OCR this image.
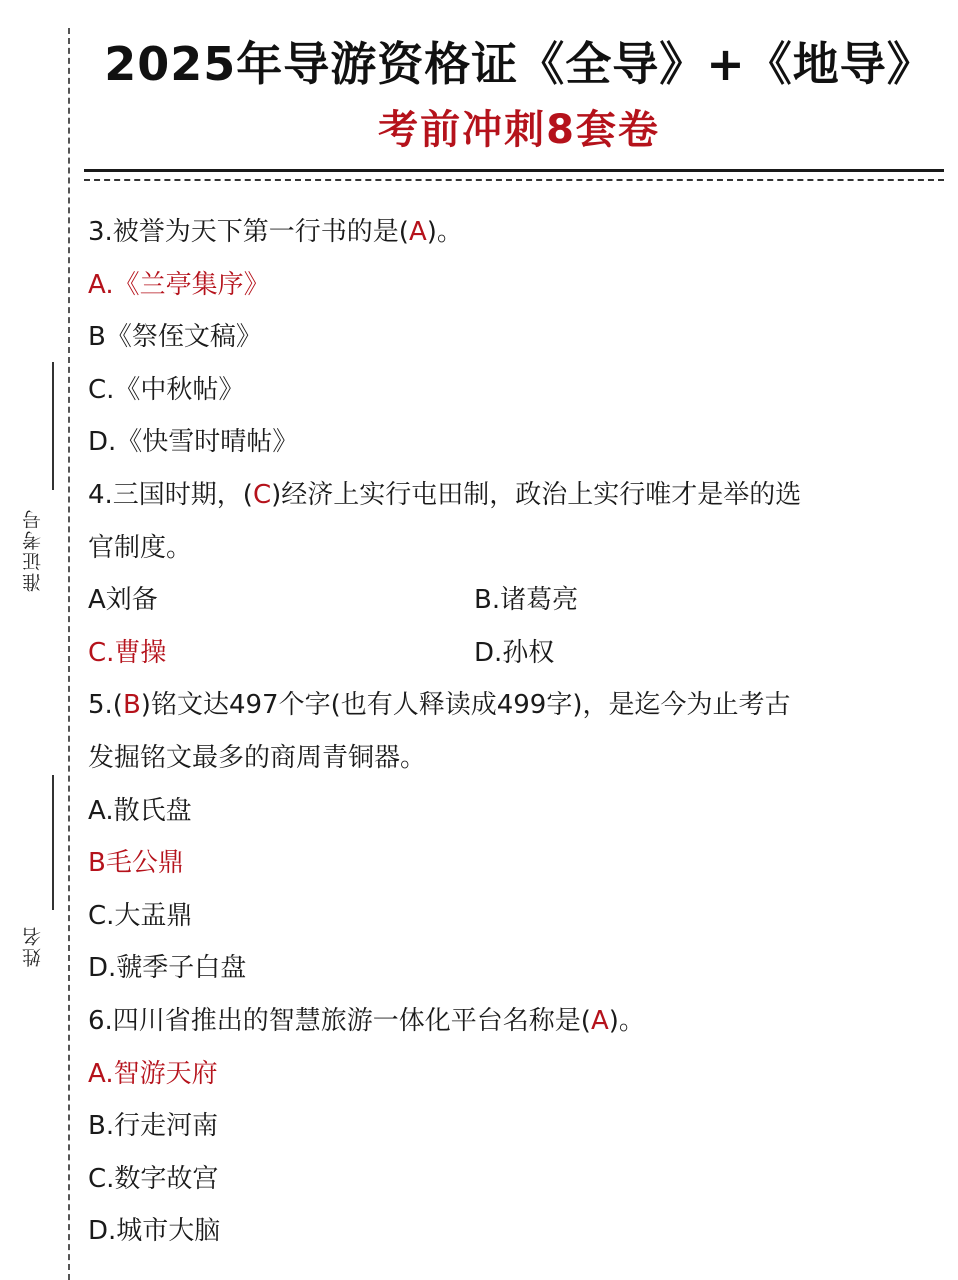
准证考号
姓名
2025年导游资格证《全导》+《地导》
考前冲刺8套卷
3.被誉为天下第一行书的是(A)。
A.《兰亭集序》
B《祭侄文稿》
C.《中秋帖》
D.《快雪时晴帖》
4.三国时期，(C)经济上实行屯田制，政治上实行唯才是举的选
官制度。
A刘备	B.诸葛亮
C.曹操	D.孙权
5.(B)铭文达497个字(也有人释读成499字)，是迄今为止考古
发掘铭文最多的商周青铜器。
A.散氏盘
B毛公鼎
C.大盂鼎
D.虢季子白盘
6.四川省推出的智慧旅游一体化平台名称是(A)。
A.智游天府
B.行走河南
C.数字故宫
D.城市大脑
